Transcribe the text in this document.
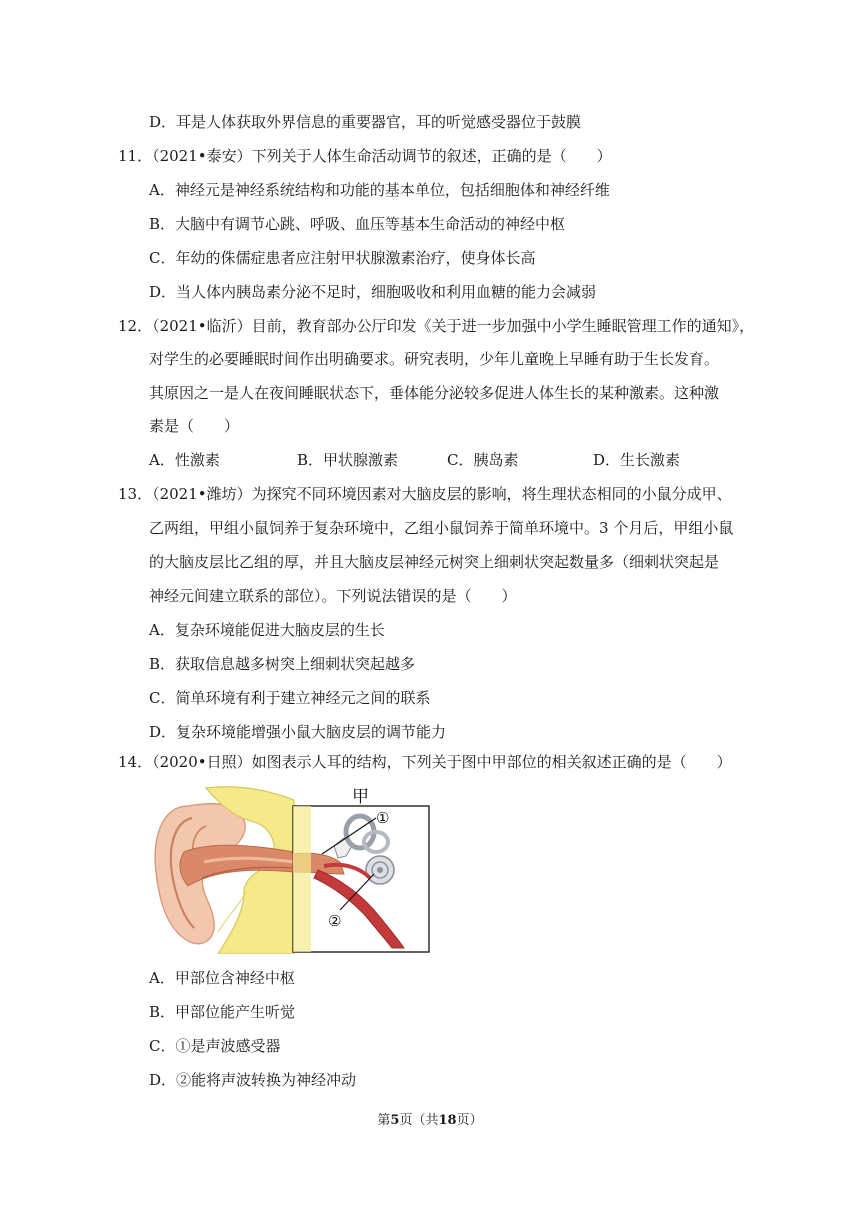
D．耳是人体获取外界信息的重要器官，耳的听觉感受器位于鼓膜
11．（2021•泰安）下列关于人体生命活动调节的叙述，正确的是（　　）
A．神经元是神经系统结构和功能的基本单位，包括细胞体和神经纤维
B．大脑中有调节心跳、呼吸、血压等基本生命活动的神经中枢
C．年幼的侏儒症患者应注射甲状腺激素治疗，使身体长高
D．当人体内胰岛素分泌不足时，细胞吸收和利用血糖的能力会减弱
12．（2021•临沂）目前，教育部办公厅印发《关于进一步加强中小学生睡眠管理工作的通知》，
对学生的必要睡眠时间作出明确要求。研究表明，少年儿童晚上早睡有助于生长发育。
其原因之一是人在夜间睡眠状态下，垂体能分泌较多促进人体生长的某种激素。这种激
素是（　　）
A．性激素	B．甲状腺激素	C．胰岛素	D．生长激素
13．（2021•潍坊）为探究不同环境因素对大脑皮层的影响，将生理状态相同的小鼠分成甲、
乙两组，甲组小鼠饲养于复杂环境中，乙组小鼠饲养于简单环境中。3 个月后，甲组小鼠
的大脑皮层比乙组的厚，并且大脑皮层神经元树突上细刺状突起数量多（细刺状突起是
神经元间建立联系的部位）。下列说法错误的是（　　）
A．复杂环境能促进大脑皮层的生长
B．获取信息越多树突上细刺状突起越多
C．简单环境有利于建立神经元之间的联系
D．复杂环境能增强小鼠大脑皮层的调节能力
14．（2020•日照）如图表示人耳的结构，下列关于图中甲部位的相关叙述正确的是（　　）
甲
①
②
A．甲部位含神经中枢
B．甲部位能产生听觉
C．①是声波感受器
D．②能将声波转换为神经冲动
第5页（共18页）
